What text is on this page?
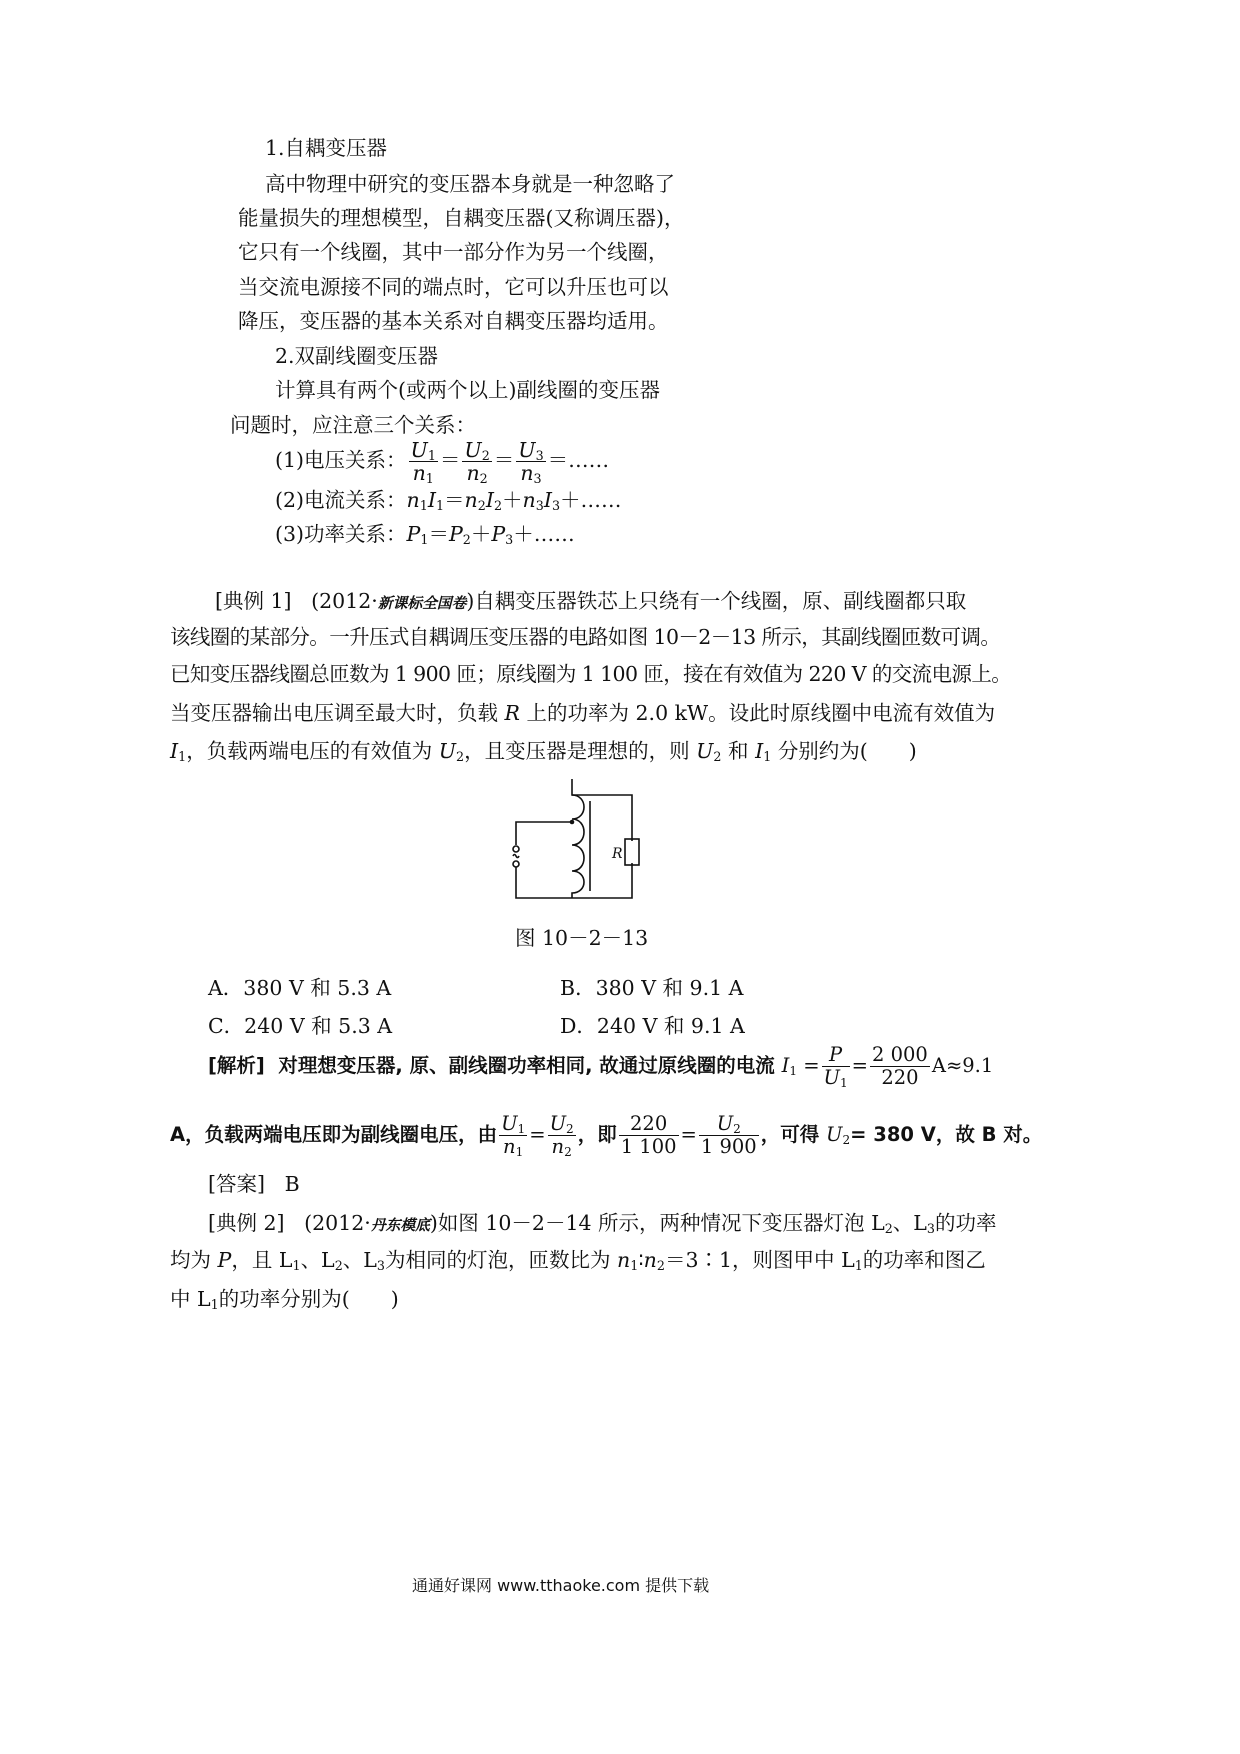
1.自耦变压器
高中物理中研究的变压器本身就是一种忽略了
能量损失的理想模型，自耦变压器(又称调压器)，
它只有一个线圈，其中一部分作为另一个线圈，
当交流电源接不同的端点时，它可以升压也可以
降压，变压器的基本关系对自耦变压器均适用。
2.双副线圈变压器
计算具有两个(或两个以上)副线圈的变压器
问题时，应注意三个关系：
(1)电压关系： $\frac{U_1}{n_1} = \frac{U_2}{n_2} = \frac{U_3}{n_3}$ ＝……
(2)电流关系：$n_1I_1=n_2I_2+n_3I_3+\dots\dots$
(3)功率关系：$P_1=P_2+P_3+\dots\dots$
[典例 1] (2012·新课标全国卷)自耦变压器铁芯上只绕有一个线圈，原、副线圈都只取
该线圈的某部分。一升压式自耦调压变压器的电路如图 10－2－13 所示，其副线圈匝数可调。
已知变压器线圈总匝数为 1 900 匝；原线圈为 1 100 匝，接在有效值为 220 V 的交流电源上。
当变压器输出电压调至最大时，负载 R 上的功率为 2.0 kW。设此时原线圈中电流有效值为
$I_1$，负载两端电压的有效值为 $U_2$，且变压器是理想的，则 $U_2$ 和 $I_1$ 分别约为(　　)
R
图 10－2－13
A．380 V 和 5.3 A	B．380 V 和 9.1 A
C．240 V 和 5.3 A	D．240 V 和 9.1 A
[解析] 对理想变压器, 原、副线圈功率相同, 故通过原线圈的电流 $I_1 = \frac{P}{U_1} = \frac{2 000}{220} A\approx 9.1$
A，负载两端电压即为副线圈电压，由 $\frac{U_1}{n_1} = \frac{U_2}{n_2}$ ，即 $\frac{220}{1 100} = \frac{U_2}{1 900}$ ，可得 $U_2= 380$ V，故 B 对。
[答案] B
[典例 2] (2012·丹东模底)如图 10－2－14 所示，两种情况下变压器灯泡 $L_2$、$L_3$的功率
均为 P，且 $L_1$、$L_2$、$L_3$为相同的灯泡，匝数比为 $n_1∶n_2=3∶1$，则图甲中 $L_1$的功率和图乙
中 $L_1$的功率分别为(　　)
通通好课网 www.tthaoke.com 提供下载
